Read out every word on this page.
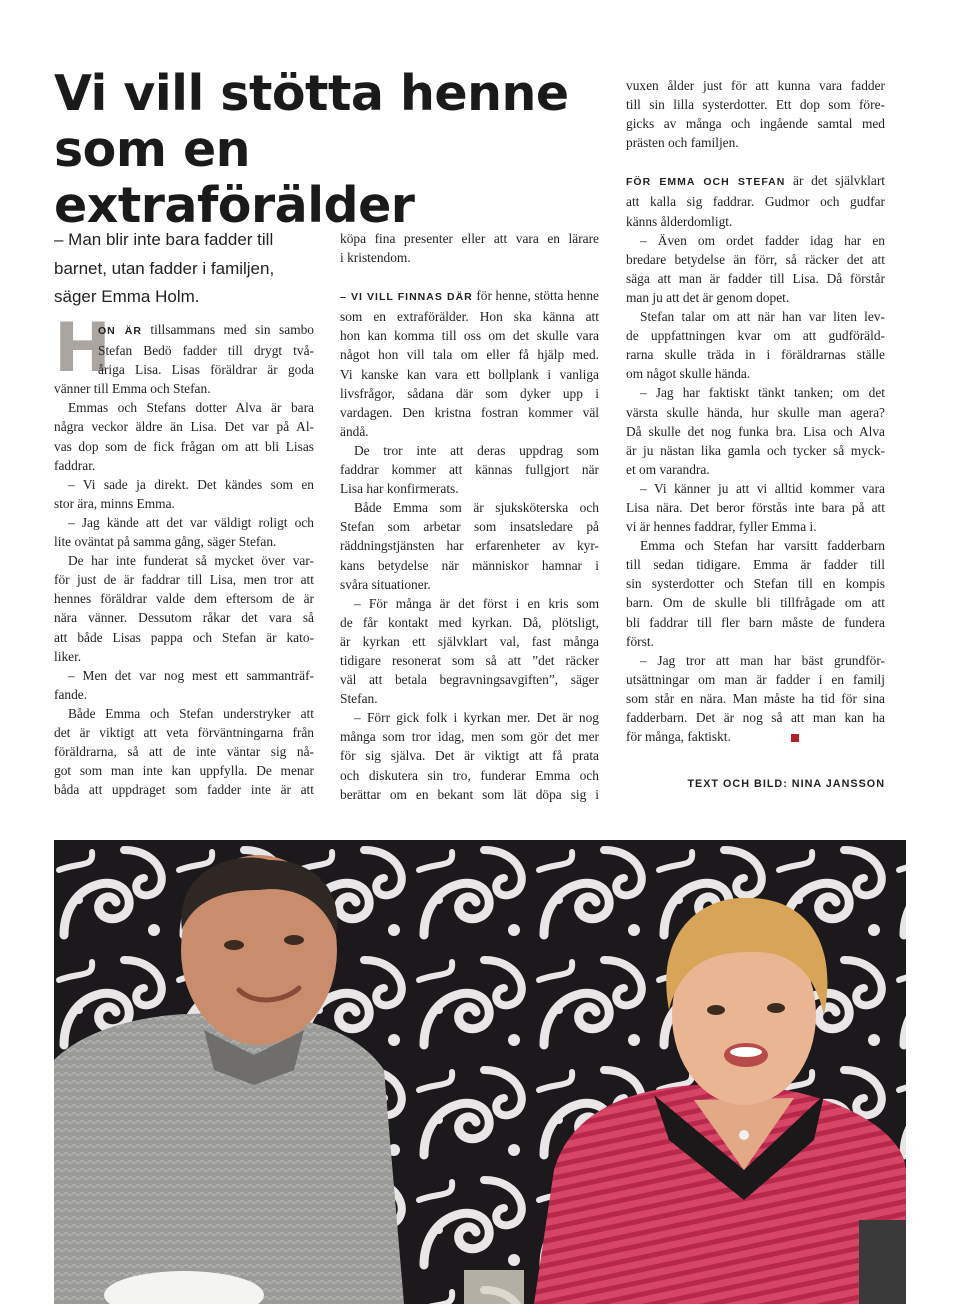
Vi vill stötta henne
som en extraförälder
– Man blir inte bara fadder till
barnet, utan fadder i familjen,
säger Emma Holm.
H
ON ÄR tillsammans med sin sambo
Stefan Bedö fadder till drygt två-
åriga Lisa. Lisas föräldrar är goda
vänner till Emma och Stefan.
Emmas och Stefans dotter Alva är bara
några veckor äldre än Lisa. Det var på Al-
vas dop som de fick frågan om att bli Lisas
faddrar.
– Vi sade ja direkt. Det kändes som en
stor ära, minns Emma.
– Jag kände att det var väldigt roligt och
lite oväntat på samma gång, säger Stefan.
De har inte funderat så mycket över var-
för just de är faddrar till Lisa, men tror att
hennes föräldrar valde dem eftersom de är
nära vänner. Dessutom råkar det vara så
att både Lisas pappa och Stefan är kato-
liker.
– Men det var nog mest ett sammanträf-
fande.
Både Emma och Stefan understryker att
det är viktigt att veta förväntningarna från
föräldrarna, så att de inte väntar sig nå-
got som man inte kan uppfylla. De menar
båda att uppdraget som fadder inte är att
köpa fina presenter eller att vara en lärare
i kristendom.
– VI VILL FINNAS DÄR för henne, stötta henne
som en extraförälder. Hon ska känna att
hon kan komma till oss om det skulle vara
något hon vill tala om eller få hjälp med.
Vi kanske kan vara ett bollplank i vanliga
livsfrågor, sådana där som dyker upp i
vardagen. Den kristna fostran kommer väl
ändå.
De tror inte att deras uppdrag som
faddrar kommer att kännas fullgjort när
Lisa har konfirmerats.
Både Emma som är sjuksköterska och
Stefan som arbetar som insatsledare på
räddningstjänsten har erfarenheter av kyr-
kans betydelse när människor hamnar i
svåra situationer.
– För många är det först i en kris som
de får kontakt med kyrkan. Då, plötsligt,
är kyrkan ett självklart val, fast många
tidigare resonerat som så att ”det räcker
väl att betala begravningsavgiften”, säger
Stefan.
– Förr gick folk i kyrkan mer. Det är nog
många som tror idag, men som gör det mer
för sig själva. Det är viktigt att få prata
och diskutera sin tro, funderar Emma och
berättar om en bekant som lät döpa sig i
vuxen ålder just för att kunna vara fadder
till sin lilla systerdotter. Ett dop som före-
gicks av många och ingående samtal med
prästen och familjen.
FÖR EMMA OCH STEFAN är det självklart
att kalla sig faddrar. Gudmor och gudfar
känns ålderdomligt.
– Även om ordet fadder idag har en
bredare betydelse än förr, så räcker det att
säga att man är fadder till Lisa. Då förstår
man ju att det är genom dopet.
Stefan talar om att när han var liten lev-
de uppfattningen kvar om att gudföräld-
rarna skulle träda in i föräldrarnas ställe
om något skulle hända.
– Jag har faktiskt tänkt tanken; om det
värsta skulle hända, hur skulle man agera?
Då skulle det nog funka bra. Lisa och Alva
är ju nästan lika gamla och tycker så myck-
et om varandra.
– Vi känner ju att vi alltid kommer vara
Lisa nära. Det beror förstås inte bara på att
vi är hennes faddrar, fyller Emma i.
Emma och Stefan har varsitt fadderbarn
till sedan tidigare. Emma är fadder till
sin systerdotter och Stefan till en kompis
barn. Om de skulle bli tillfrågade om att
bli faddrar till fler barn måste de fundera
först.
– Jag tror att man har bäst grundför-
utsättningar om man är fadder i en familj
som står en nära. Man måste ha tid för sina
fadderbarn. Det är nog så att man kan ha
för många, faktiskt.
TEXT OCH BILD: NINA JANSSON
